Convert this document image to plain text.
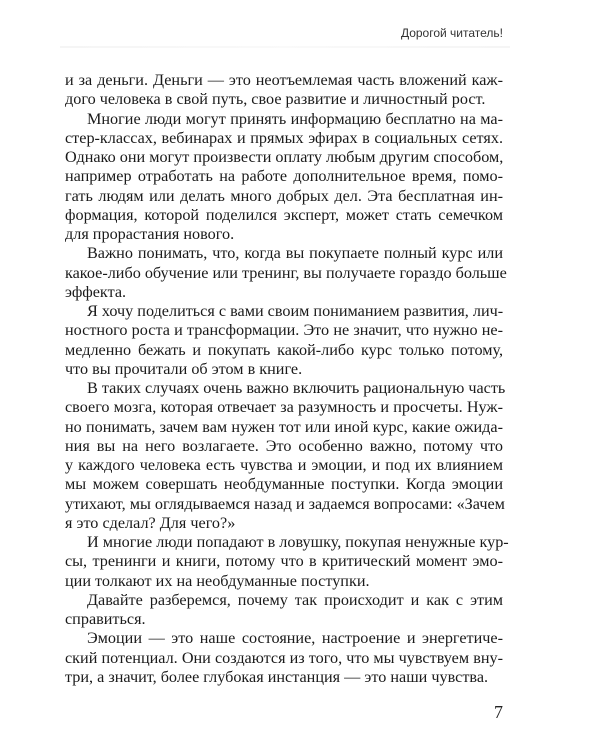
Дорогой читатель!
и за деньги. Деньги — это неотъемлемая часть вложений каж-
дого человека в свой путь, свое развитие и личностный рост.
Многие люди могут принять информацию бесплатно на ма-
стер-классах, вебинарах и прямых эфирах в социальных сетях.
Однако они могут произвести оплату любым другим способом,
например отработать на работе дополнительное время, помо-
гать людям или делать много добрых дел. Эта бесплатная ин-
формация, которой поделился эксперт, может стать семечком
для прорастания нового.
Важно понимать, что, когда вы покупаете полный курс или
какое-либо обучение или тренинг, вы получаете гораздо больше
эффекта.
Я хочу поделиться с вами своим пониманием развития, лич-
ностного роста и трансформации. Это не значит, что нужно не-
медленно бежать и покупать какой-либо курс только потому,
что вы прочитали об этом в книге.
В таких случаях очень важно включить рациональную часть
своего мозга, которая отвечает за разумность и просчеты. Нуж-
но понимать, зачем вам нужен тот или иной курс, какие ожида-
ния вы на него возлагаете. Это особенно важно, потому что
у каждого человека есть чувства и эмоции, и под их влиянием
мы можем совершать необдуманные поступки. Когда эмоции
утихают, мы оглядываемся назад и задаемся вопросами: «Зачем
я это сделал? Для чего?»
И многие люди попадают в ловушку, покупая ненужные кур-
сы, тренинги и книги, потому что в критический момент эмо-
ции толкают их на необдуманные поступки.
Давайте разберемся, почему так происходит и как с этим
справиться.
Эмоции — это наше состояние, настроение и энергетиче-
ский потенциал. Они создаются из того, что мы чувствуем вну-
три, а значит, более глубокая инстанция — это наши чувства.
7
